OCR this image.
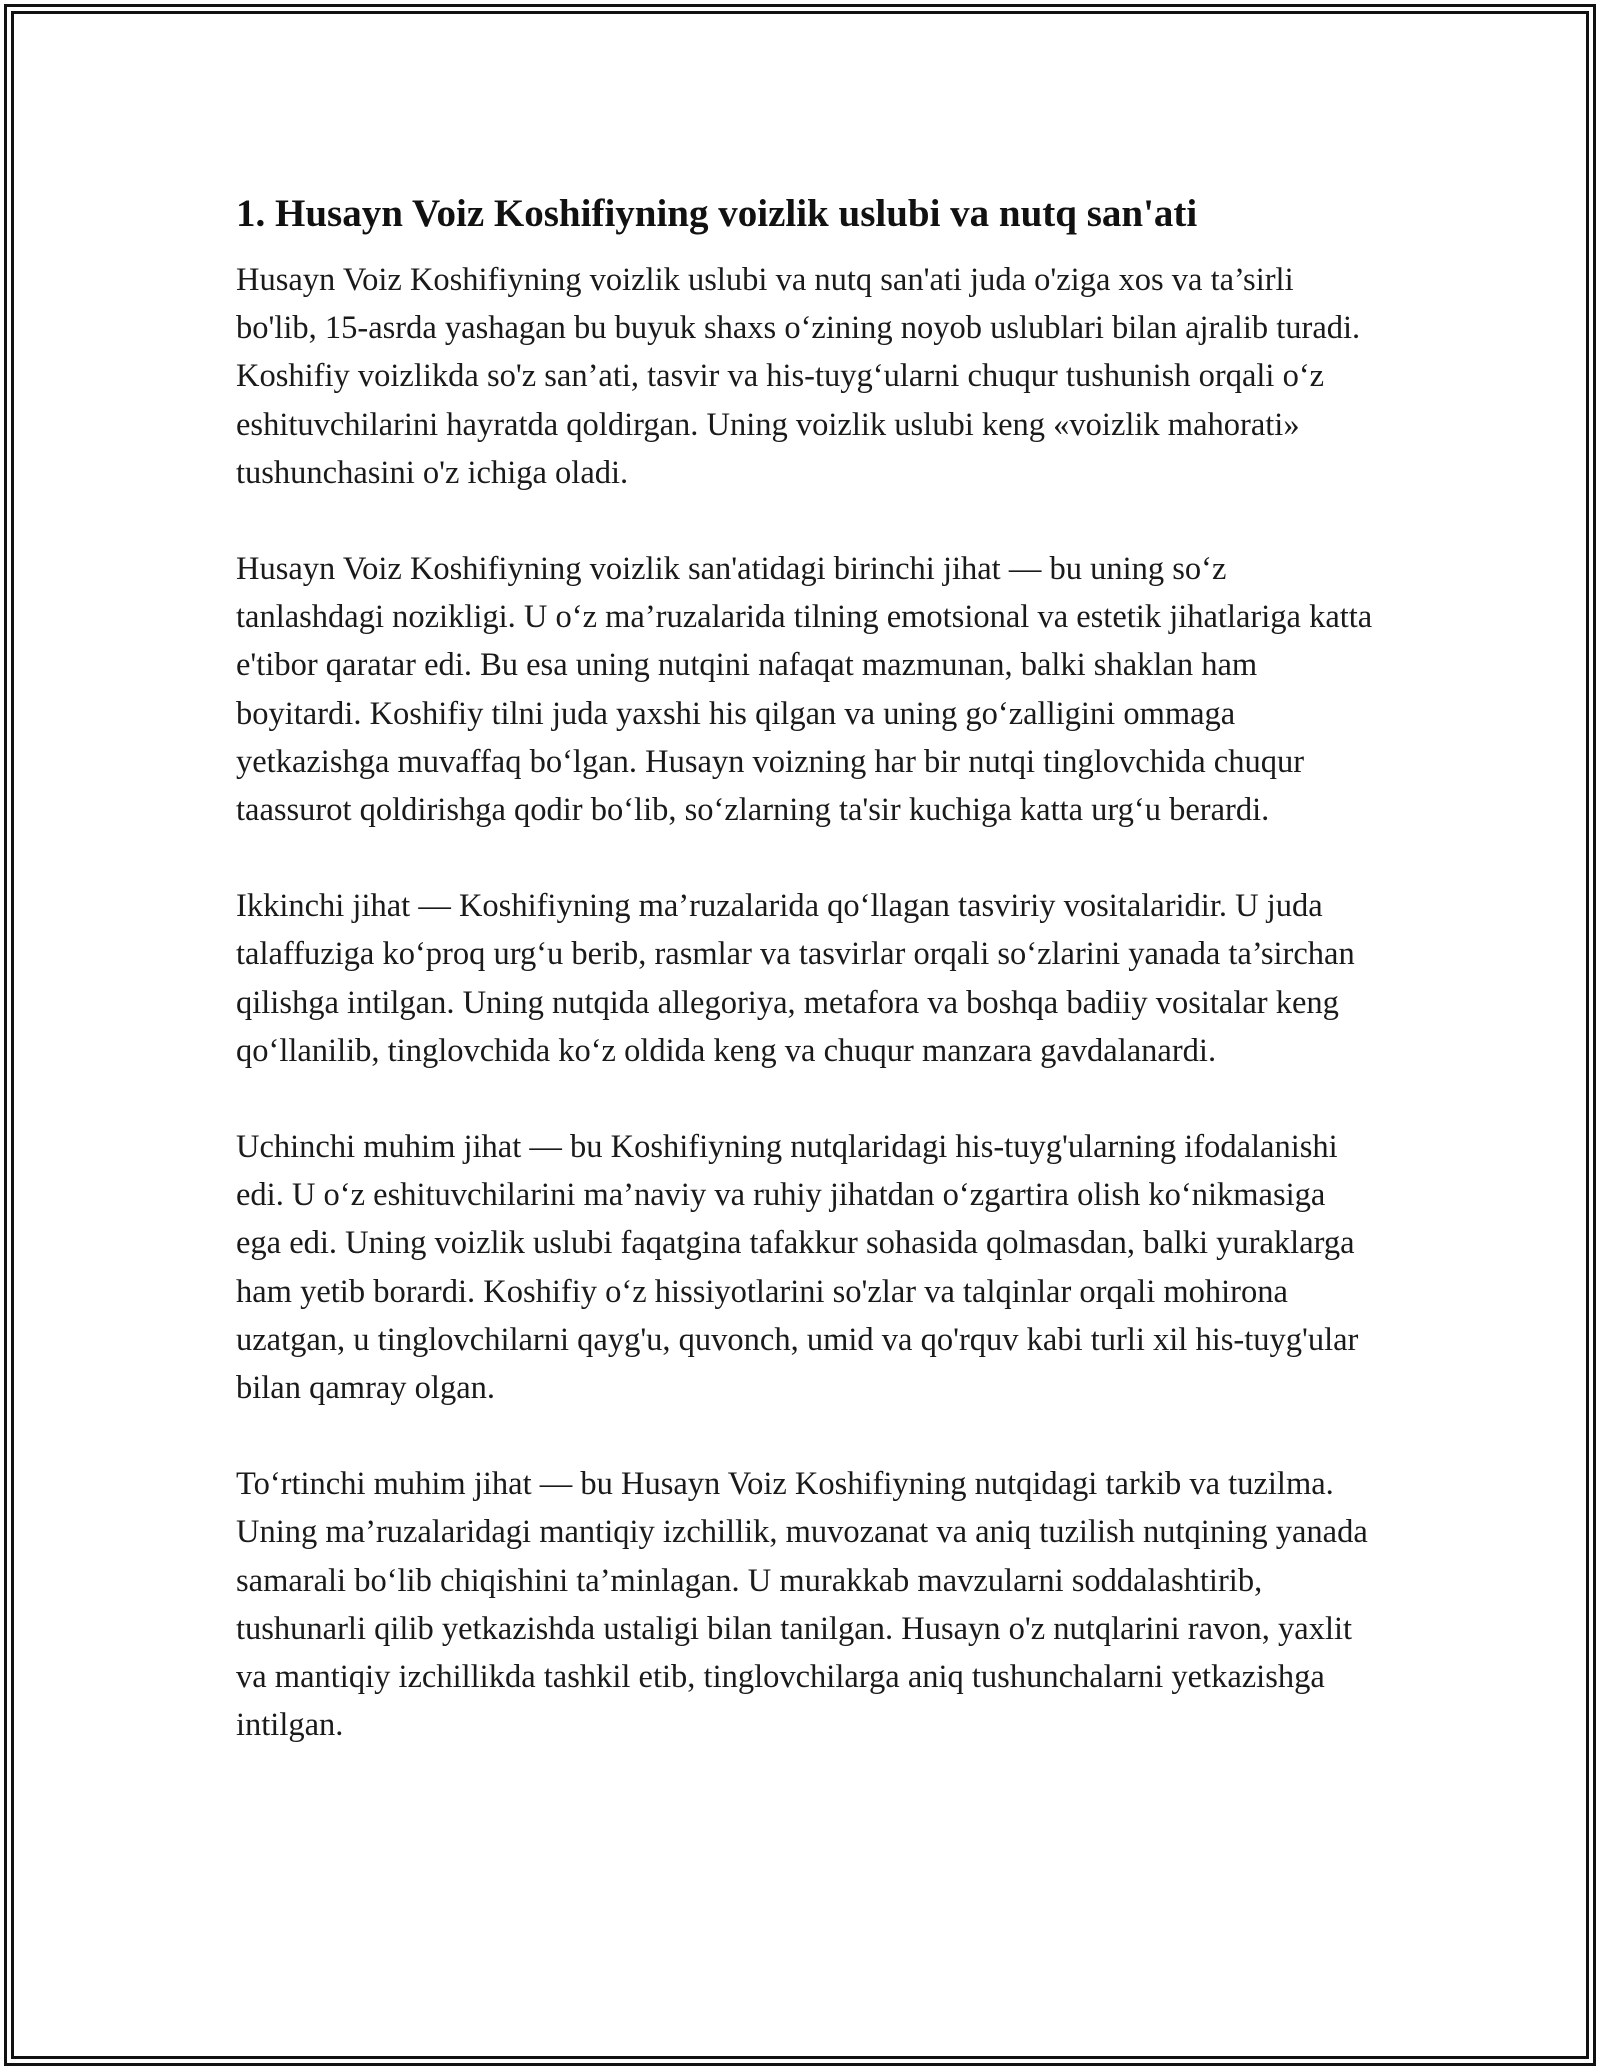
1. Husayn Voiz Koshifiyning voizlik uslubi va nutq san'ati

Husayn Voiz Koshifiyning voizlik uslubi va nutq san'ati juda o'ziga xos va ta’sirli bo'lib, 15-asrda yashagan bu buyuk shaxs o‘zining noyob uslublari bilan ajralib turadi. Koshifiy voizlikda so'z san’ati, tasvir va his-tuyg‘ularni chuqur tushunish orqali o‘z eshituvchilarini hayratda qoldirgan. Uning voizlik uslubi keng «voizlik mahorati» tushunchasini o'z ichiga oladi.

Husayn Voiz Koshifiyning voizlik san'atidagi birinchi jihat — bu uning so‘z tanlashdagi nozikligi. U o‘z ma’ruzalarida tilning emotsional va estetik jihatlariga katta e'tibor qaratar edi. Bu esa uning nutqini nafaqat mazmunan, balki shaklan ham boyitardi. Koshifiy tilni juda yaxshi his qilgan va uning go‘zalligini ommaga yetkazishga muvaffaq bo‘lgan. Husayn voizning har bir nutqi tinglovchida chuqur taassurot qoldirishga qodir bo‘lib, so‘zlarning ta'sir kuchiga katta urg‘u berardi.

Ikkinchi jihat — Koshifiyning ma’ruzalarida qo‘llagan tasviriy vositalaridir. U juda talaffuziga ko‘proq urg‘u berib, rasmlar va tasvirlar orqali so‘zlarini yanada ta’sirchan qilishga intilgan. Uning nutqida allegoriya, metafora va boshqa badiiy vositalar keng qo‘llanilib, tinglovchida ko‘z oldida keng va chuqur manzara gavdalanardi.

Uchinchi muhim jihat — bu Koshifiyning nutqlaridagi his-tuyg'ularning ifodalanishi edi. U o‘z eshituvchilarini ma’naviy va ruhiy jihatdan o‘zgartira olish ko‘nikmasiga ega edi. Uning voizlik uslubi faqatgina tafakkur sohasida qolmasdan, balki yuraklarga ham yetib borardi. Koshifiy o‘z hissiyotlarini so'zlar va talqinlar orqali mohirona uzatgan, u tinglovchilarni qayg'u, quvonch, umid va qo'rquv kabi turli xil his-tuyg'ular bilan qamray olgan.

To‘rtinchi muhim jihat — bu Husayn Voiz Koshifiyning nutqidagi tarkib va tuzilma. Uning ma’ruzalaridagi mantiqiy izchillik, muvozanat va aniq tuzilish nutqining yanada samarali bo‘lib chiqishini ta’minlagan. U murakkab mavzularni soddalashtirib, tushunarli qilib yetkazishda ustaligi bilan tanilgan. Husayn o'z nutqlarini ravon, yaxlit va mantiqiy izchillikda tashkil etib, tinglovchilarga aniq tushunchalarni yetkazishga intilgan.
